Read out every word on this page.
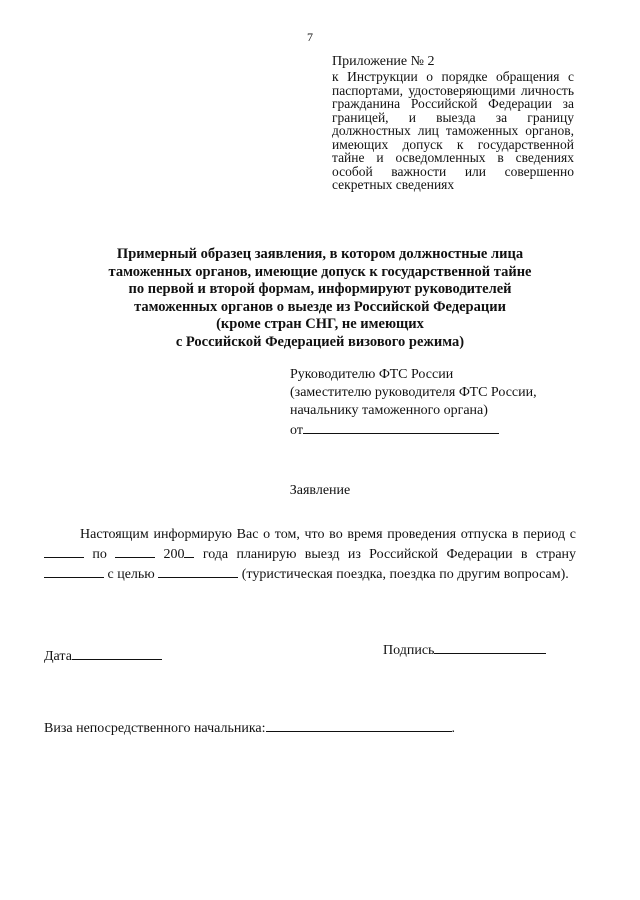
7
Приложение № 2
к Инструкции о порядке обращения с паспортами, удостоверяющими личность гражданина Российской Федерации за границей, и выезда за границу должностных лиц таможенных органов, имеющих допуск к государственной тайне и осведомленных в сведениях особой важности или совершенно секретных сведениях
Примерный образец заявления, в котором должностные лица
таможенных органов, имеющие допуск к государственной тайне
по первой и второй формам, информируют руководителей
таможенных органов о выезде из Российской Федерации
(кроме стран СНГ, не имеющих
с Российской Федерацией визового режима)
Руководителю ФТС России
(заместителю руководителя ФТС России,
начальнику таможенного органа)
от
Заявление
Настоящим информирую Вас о том, что во время проведения отпуска в период с  по	200 года планирую выезд из Российской Федерации в страну  с целью	(туристическая поездка, поездка по другим вопросам).
Дата	Подпись
Виза непосредственного начальника:	.
